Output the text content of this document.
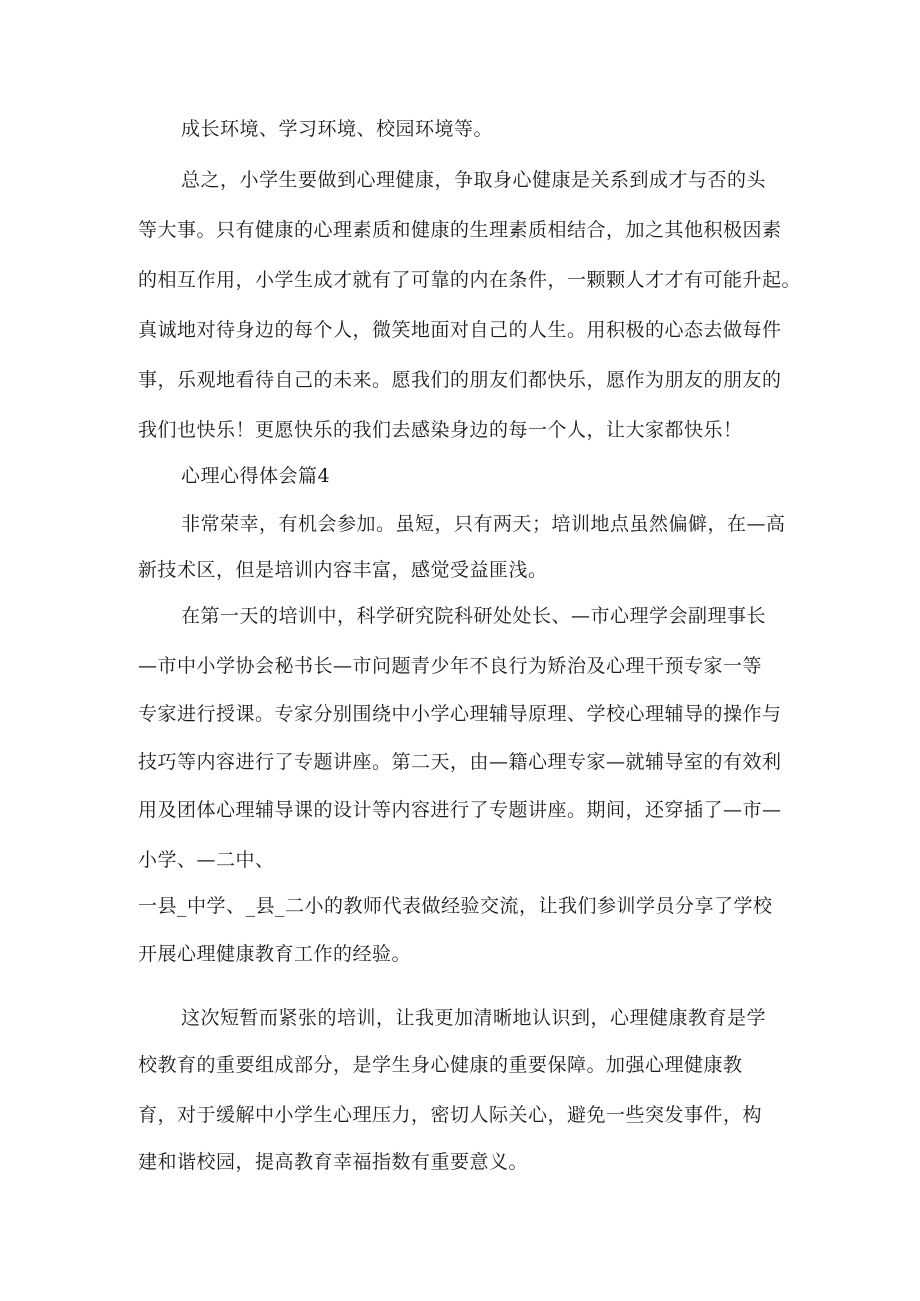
成长环境、学习环境、校园环境等。
总之，小学生要做到心理健康，争取身心健康是关系到成才与否的头
等大事。只有健康的心理素质和健康的生理素质相结合，加之其他积极因素
的相互作用，小学生成才就有了可靠的内在条件，一颗颗人才才有可能升起。
真诚地对待身边的每个人，微笑地面对自己的人生。用积极的心态去做每件
事，乐观地看待自己的未来。愿我们的朋友们都快乐，愿作为朋友的朋友的
我们也快乐！更愿快乐的我们去感染身边的每一个人，让大家都快乐！
心理心得体会篇4
非常荣幸，有机会参加。虽短，只有两天；培训地点虽然偏僻，在—高
新技术区，但是培训内容丰富，感觉受益匪浅。
在第一天的培训中，科学研究院科研处处长、—市心理学会副理事长
—市中小学协会秘书长—市问题青少年不良行为矫治及心理干预专家一等
专家进行授课。专家分别围绕中小学心理辅导原理、学校心理辅导的操作与
技巧等内容进行了专题讲座。第二天，由—籍心理专家—就辅导室的有效利
用及团体心理辅导课的设计等内容进行了专题讲座。期间，还穿插了—市—
小学、—二中、
一县_中学、_县_二小的教师代表做经验交流，让我们参训学员分享了学校
开展心理健康教育工作的经验。
这次短暂而紧张的培训，让我更加清晰地认识到，心理健康教育是学
校教育的重要组成部分，是学生身心健康的重要保障。加强心理健康教
育，对于缓解中小学生心理压力，密切人际关心，避免一些突发事件，构
建和谐校园，提高教育幸福指数有重要意义。
